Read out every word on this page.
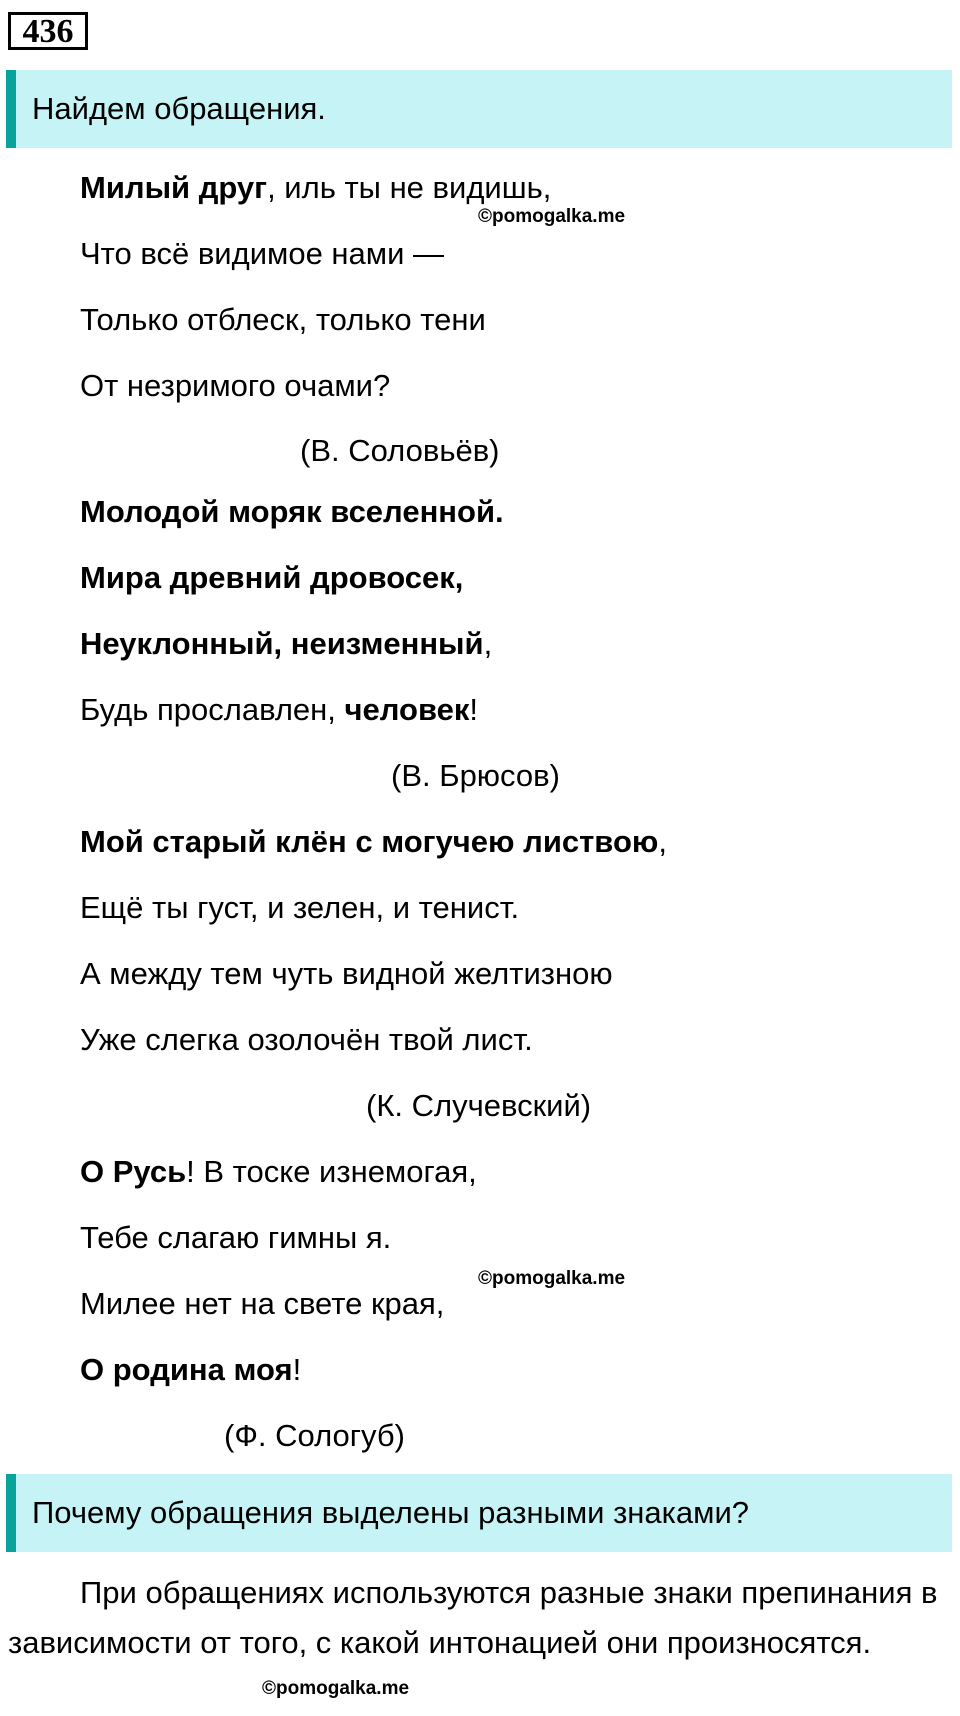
436
Найдем обращения.
Милый друг, иль ты не видишь,
©pomogalka.me
Что всё видимое нами —
Только отблеск, только тени
От незримого очами?
(В. Соловьёв)
Молодой моряк вселенной.
Мира древний дровосек,
Неуклонный, неизменный,
Будь прославлен, человек!
(В. Брюсов)
Мой старый клён с могучею листвою,
Ещё ты густ, и зелен, и тенист.
А между тем чуть видной желтизною
Уже слегка озолочён твой лист.
(К. Случевский)
О Русь! В тоске изнемогая,
Тебе слагаю гимны я.
©pomogalka.me
Милее нет на свете края,
О родина моя!
(Ф. Сологуб)
Почему обращения выделены разными знаками?
При обращениях используются разные знаки препинания в зависимости от того, с какой интонацией они произносятся.
©pomogalka.me
